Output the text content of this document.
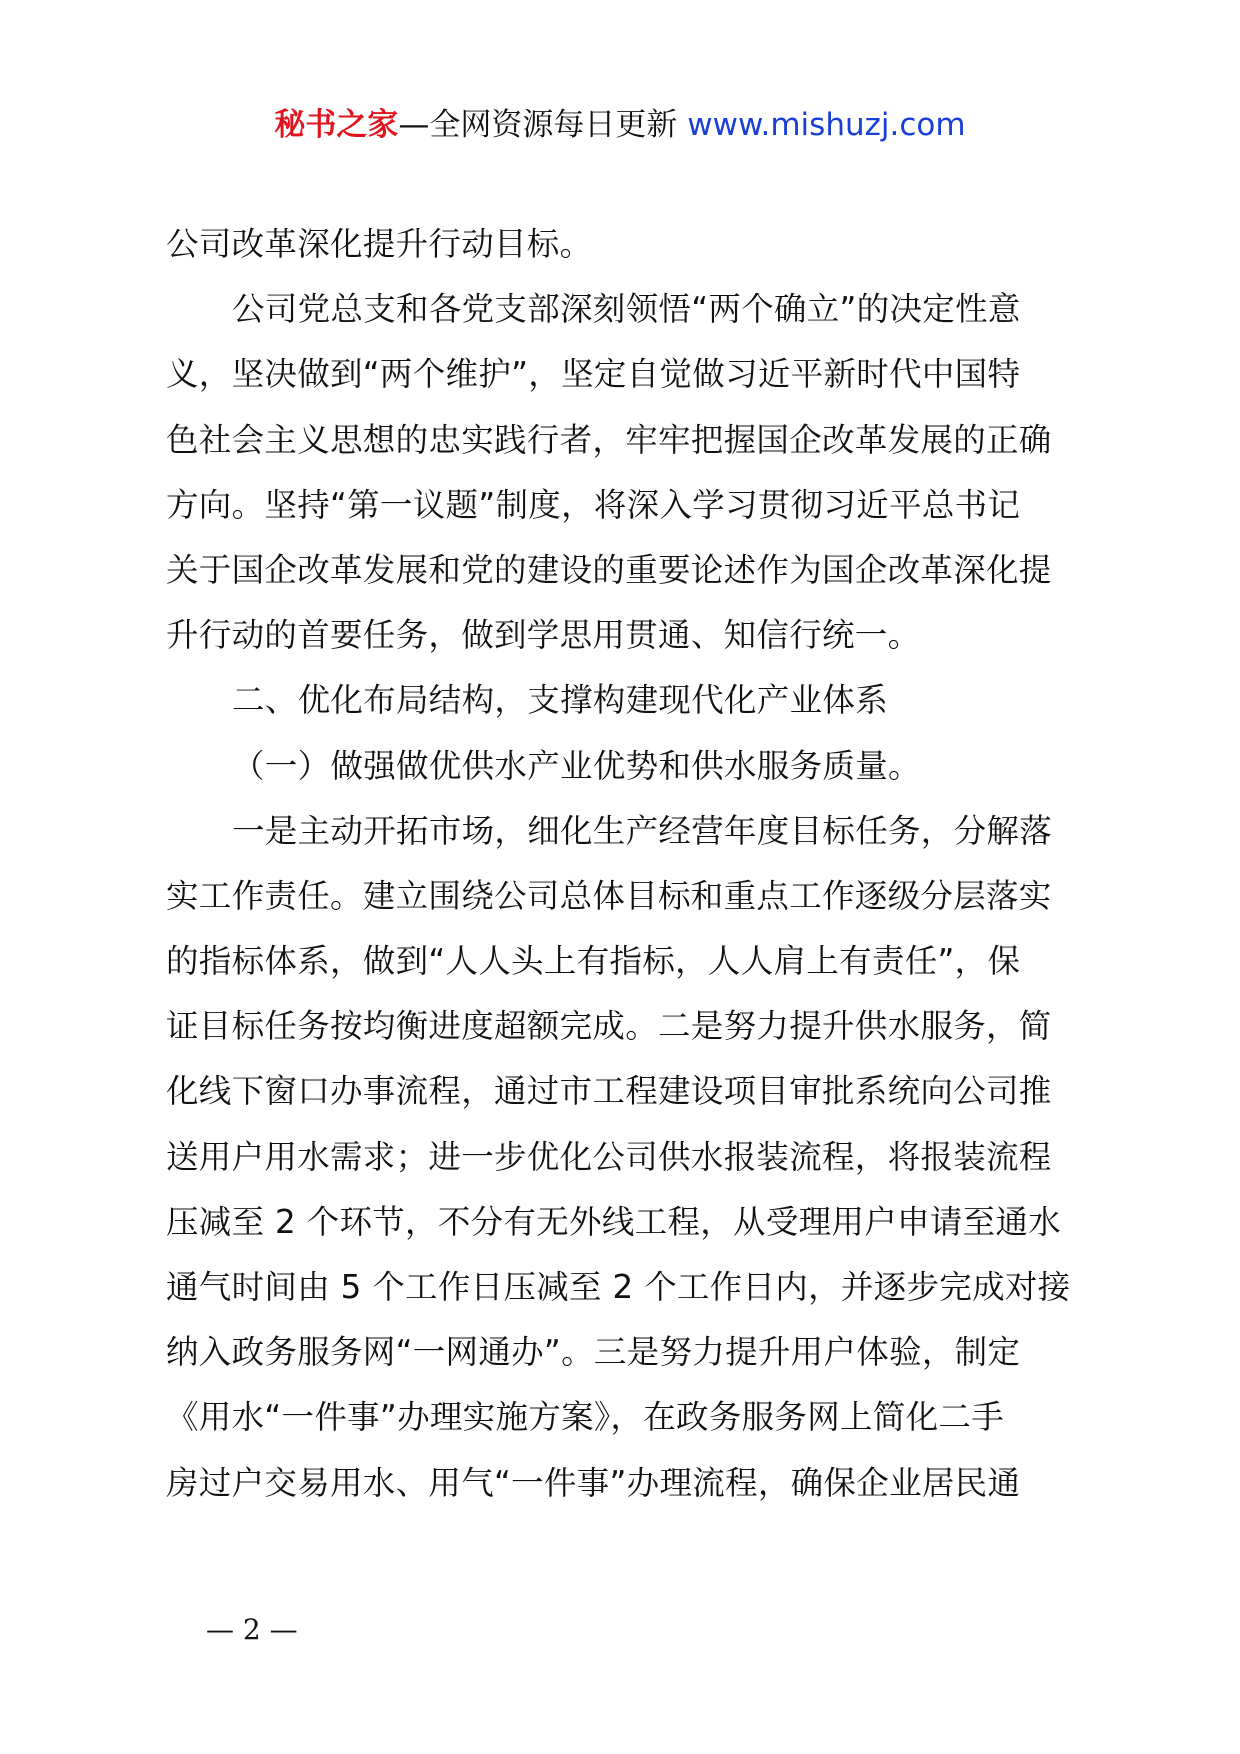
秘书之家—全网资源每日更新 www.mishuzj.com
公司改革深化提升行动目标。
公司党总支和各党支部深刻领悟“两个确立”的决定性意
义，坚决做到“两个维护”，坚定自觉做习近平新时代中国特
色社会主义思想的忠实践行者，牢牢把握国企改革发展的正确
方向。坚持“第一议题”制度，将深入学习贯彻习近平总书记
关于国企改革发展和党的建设的重要论述作为国企改革深化提
升行动的首要任务，做到学思用贯通、知信行统一。
二、优化布局结构，支撑构建现代化产业体系
（一）做强做优供水产业优势和供水服务质量。
一是主动开拓市场，细化生产经营年度目标任务，分解落
实工作责任。建立围绕公司总体目标和重点工作逐级分层落实
的指标体系，做到“人人头上有指标，人人肩上有责任”，保
证目标任务按均衡进度超额完成。二是努力提升供水服务，简
化线下窗口办事流程，通过市工程建设项目审批系统向公司推
送用户用水需求；进一步优化公司供水报装流程，将报装流程
压减至 2 个环节，不分有无外线工程，从受理用户申请至通水
通气时间由 5 个工作日压减至 2 个工作日内，并逐步完成对接
纳入政务服务网“一网通办”。三是努力提升用户体验，制定
《用水“一件事”办理实施方案》，在政务服务网上简化二手
房过户交易用水、用气“一件事”办理流程，确保企业居民通
— 2 —
